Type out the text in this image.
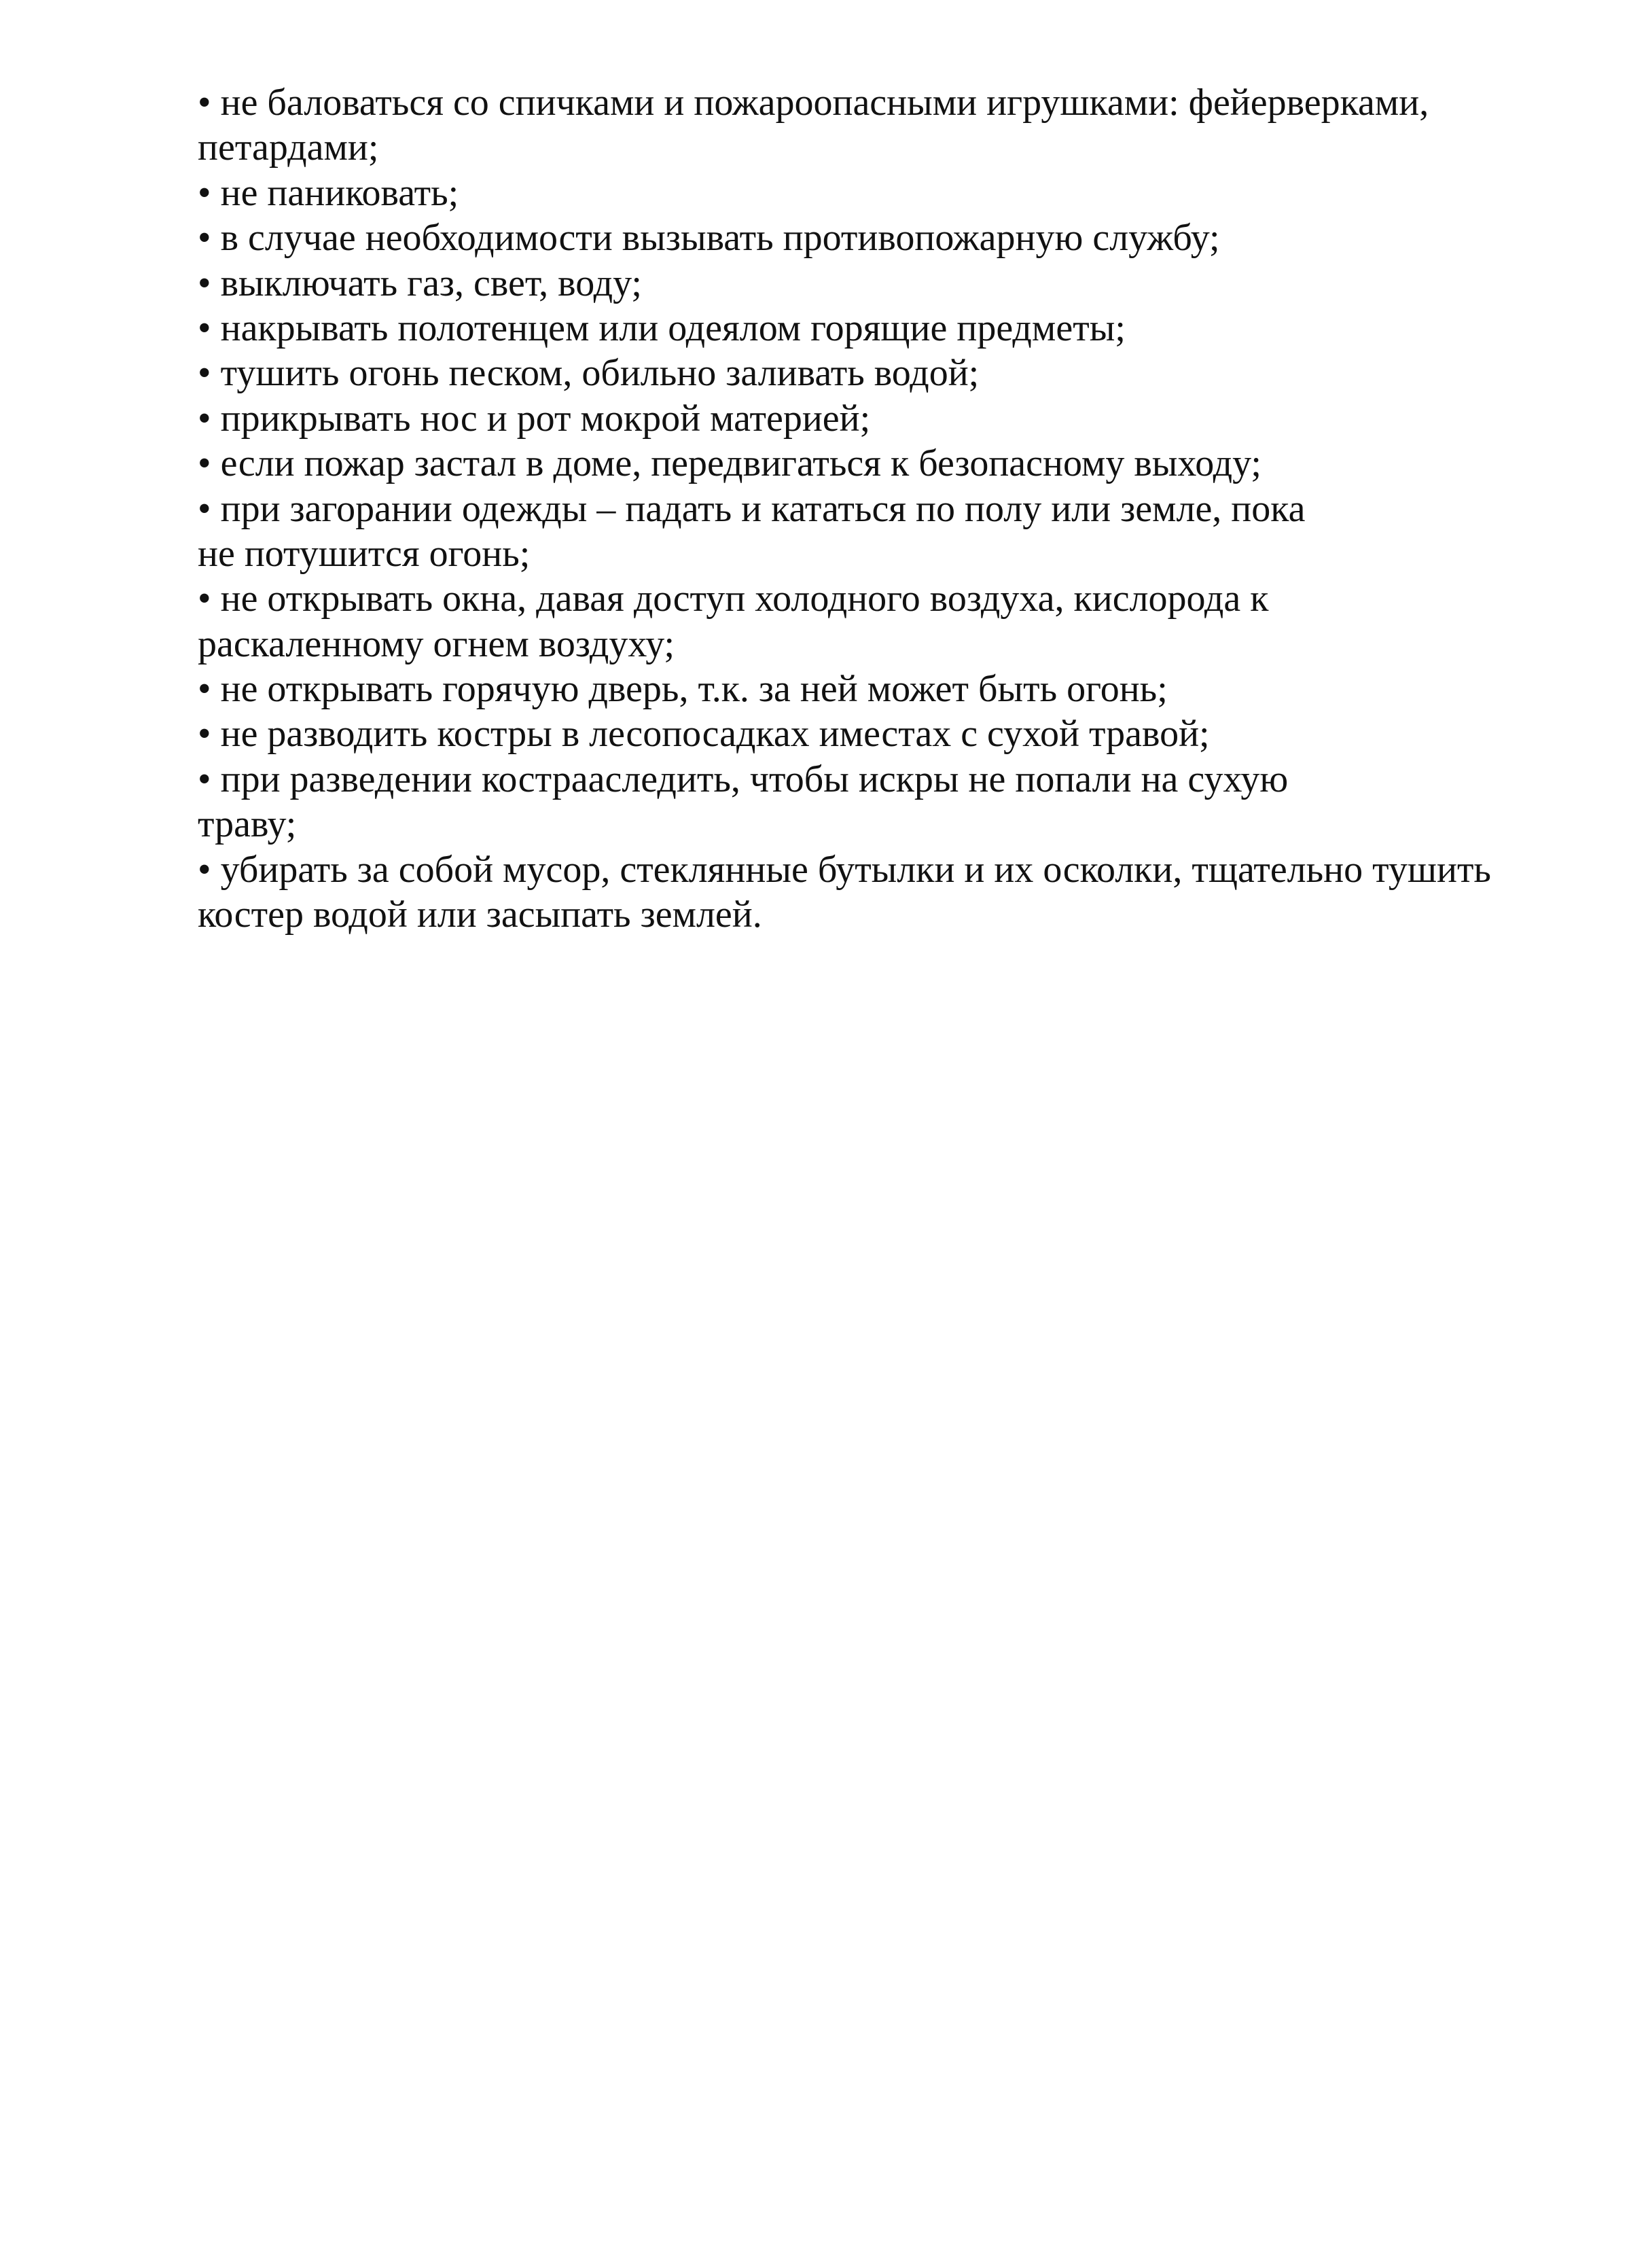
• не баловаться со спичками и пожароопасными игрушками: фейерверками,
петардами;
• не паниковать;
• в случае необходимости вызывать противопожарную службу;
• выключать газ, свет, воду;
• накрывать полотенцем или одеялом горящие предметы;
• тушить огонь песком, обильно заливать водой;
• прикрывать нос и рот мокрой материей;
• если пожар застал в доме, передвигаться к безопасному выходу;
• при загорании одежды – падать и кататься по полу или земле, пока
не потушится огонь;
• не открывать окна, давая доступ холодного воздуха, кислорода к
раскаленному огнем воздуху;
• не открывать горячую дверь, т.к. за ней может быть огонь;
• не разводить костры в лесопосадках иместах с сухой травой;
• при разведении кострааследить, чтобы искры не попали на сухую
траву;
• убирать за собой мусор, стеклянные бутылки и их осколки, тщательно тушить
костер водой или засыпать землей.
